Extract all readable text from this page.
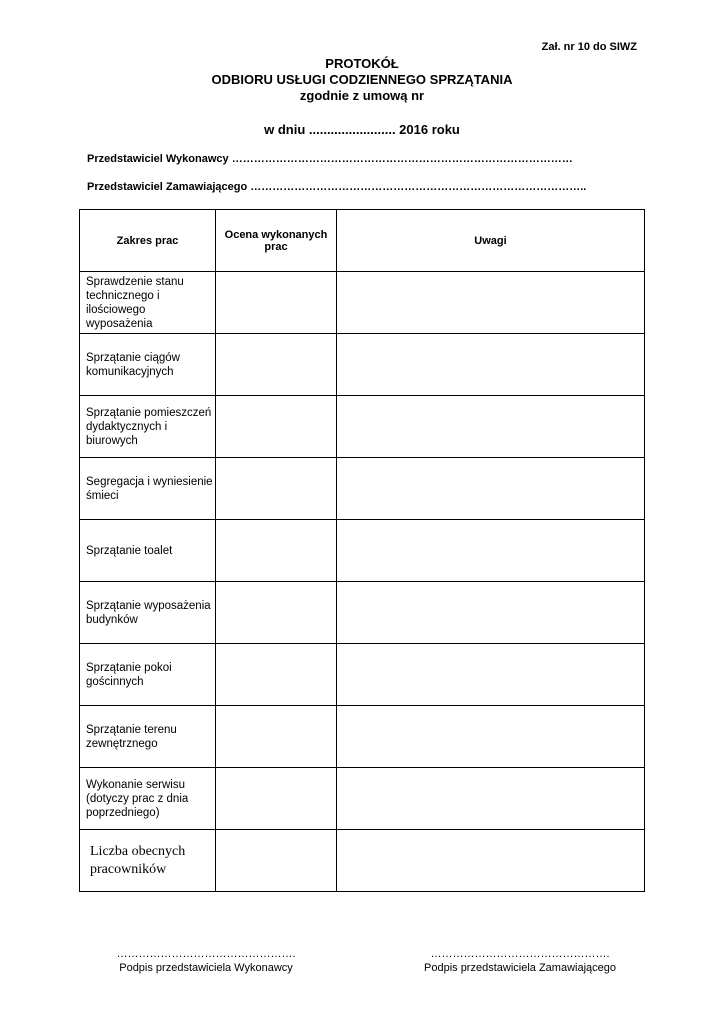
Zał. nr 10 do SIWZ
PROTOKÓŁ
ODBIORU USŁUGI CODZIENNEGO SPRZĄTANIA
zgodnie z umową nr
w dniu ........................ 2016 roku
Przedstawiciel Wykonawcy …………………………………………………………………………………
Przedstawiciel Zamawiającego ………………………………………………………………………………..
Zakres prac	Ocena wykonanych prac	Uwagi
Sprawdzenie stanu technicznego i ilościowego wyposażenia		
Sprzątanie ciągów komunikacyjnych		
Sprzątanie pomieszczeń dydaktycznych i biurowych		
Segregacja i wyniesienie śmieci		
Sprzątanie toalet		
Sprzątanie wyposażenia budynków		
Sprzątanie pokoi gościnnych		
Sprzątanie terenu zewnętrznego		
Wykonanie serwisu (dotyczy prac z dnia poprzedniego)		
Liczba obecnych pracowników		
………………………………………….
Podpis przedstawiciela Wykonawcy
………………………………………….
Podpis przedstawiciela Zamawiającego
